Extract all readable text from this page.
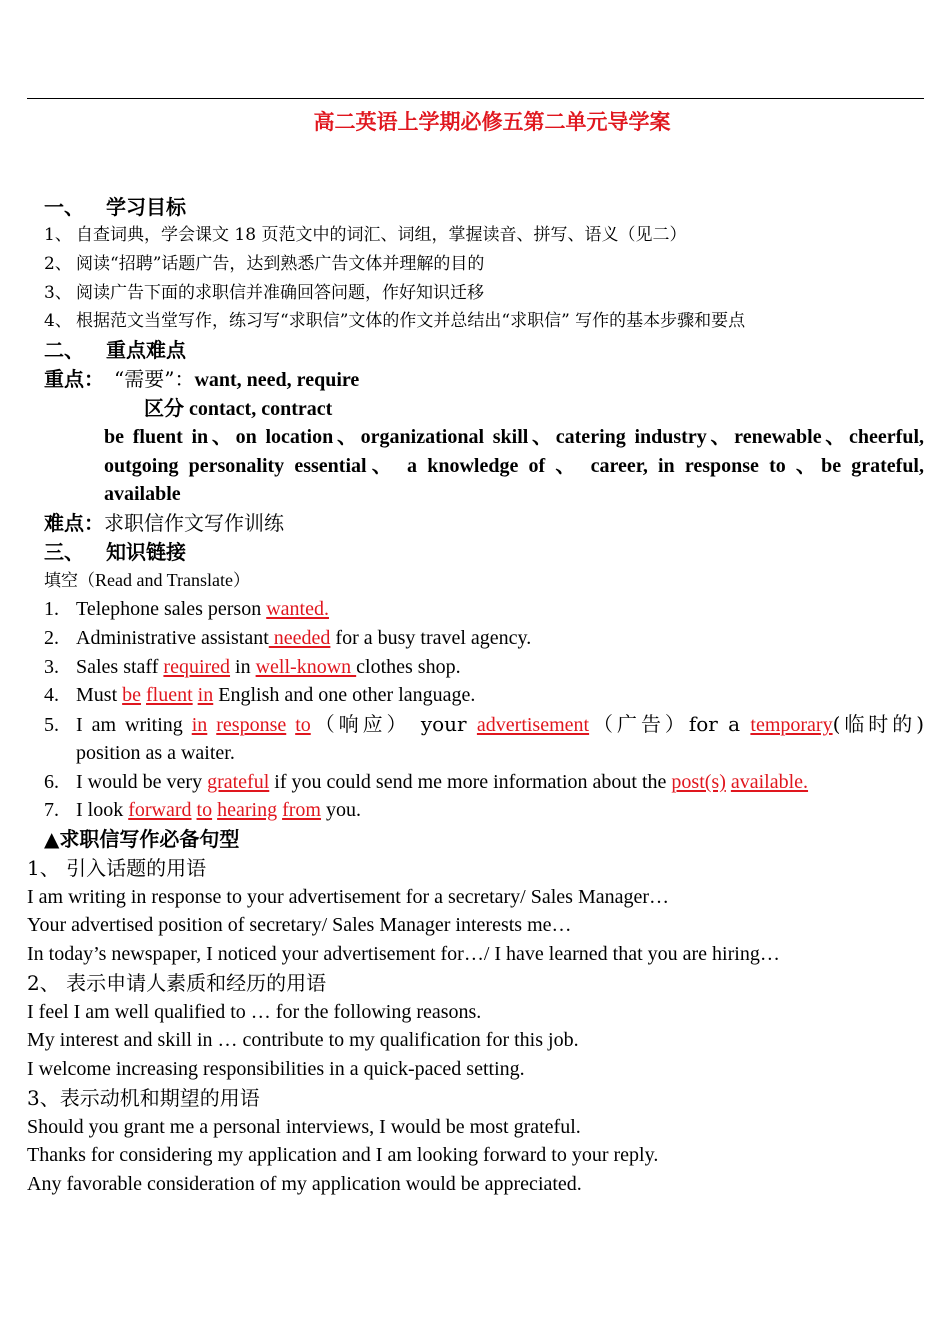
高二英语上学期必修五第二单元导学案
一、 学习目标
1、 自查词典，学会课文 18 页范文中的词汇、词组，掌握读音、拼写、语义（见二）
2、 阅读“招聘”话题广告，达到熟悉广告文体并理解的目的
3、 阅读广告下面的求职信并准确回答问题，作好知识迁移
4、 根据范文当堂写作，练习写“求职信”文体的作文并总结出“求职信” 写作的基本步骤和要点
二、 重点难点
重点： “需要”：want, need, require
区分 contact, contract
be fluent in、on location、organizational skill、catering industry、renewable、cheerful,
outgoing personality essential、 a knowledge of 、 career, in response to 、be grateful,
available
难点：求职信作文写作训练
三、 知识链接
填空（Read and Translate）
1. Telephone sales person wanted.
2. Administrative assistant needed for a busy travel agency.
3. Sales staff required in well-known clothes shop.
4. Must be fluent in English and one other language.
5. I am writing in response to（响应） your advertisement（广告）for a temporary(临时的)
position as a waiter.
6. I would be very grateful if you could send me more information about the post(s) available.
7. I look forward to hearing from you.
▲求职信写作必备句型
1、 引入话题的用语
I am writing in response to your advertisement for a secretary/ Sales Manager…
Your advertised position of secretary/ Sales Manager interests me…
In today’s newspaper, I noticed your advertisement for…/ I have learned that you are hiring…
2、 表示申请人素质和经历的用语
I feel I am well qualified to … for the following reasons.
My interest and skill in … contribute to my qualification for this job.
I welcome increasing responsibilities in a quick-paced setting.
3、表示动机和期望的用语
Should you grant me a personal interviews, I would be most grateful.
Thanks for considering my application and I am looking forward to your reply.
Any favorable consideration of my application would be appreciated.
